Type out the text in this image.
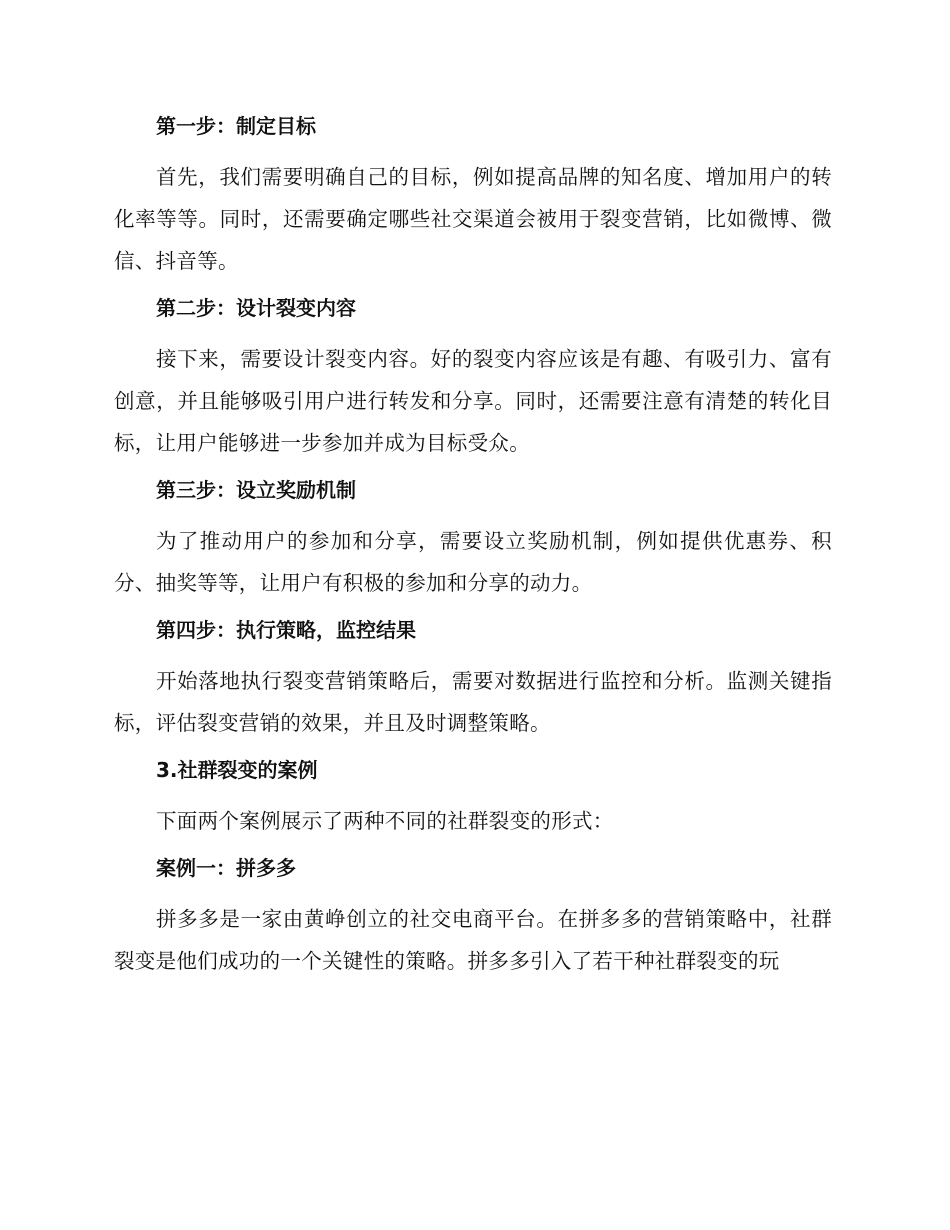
第一步：制定目标

首先，我们需要明确自己的目标，例如提高品牌的知名度、增加用户的转化率等等。同时，还需要确定哪些社交渠道会被用于裂变营销，比如微博、微信、抖音等。

第二步：设计裂变内容

接下来，需要设计裂变内容。好的裂变内容应该是有趣、有吸引力、富有创意，并且能够吸引用户进行转发和分享。同时，还需要注意有清楚的转化目标，让用户能够进一步参加并成为目标受众。

第三步：设立奖励机制

为了推动用户的参加和分享，需要设立奖励机制，例如提供优惠券、积分、抽奖等等，让用户有积极的参加和分享的动力。

第四步：执行策略，监控结果

开始落地执行裂变营销策略后，需要对数据进行监控和分析。监测关键指标，评估裂变营销的效果，并且及时调整策略。

3.社群裂变的案例

下面两个案例展示了两种不同的社群裂变的形式：

案例一：拼多多

拼多多是一家由黄峥创立的社交电商平台。在拼多多的营销策略中，社群裂变是他们成功的一个关键性的策略。拼多多引入了若干种社群裂变的玩
